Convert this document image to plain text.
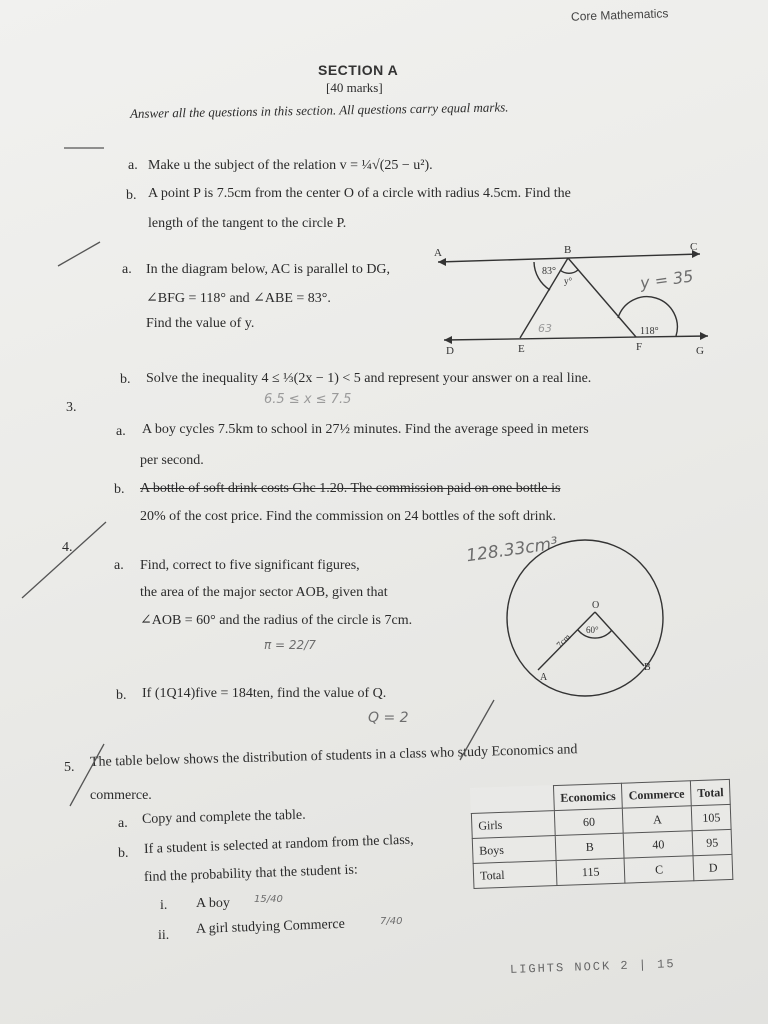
Core Mathematics
SECTION A
[40 marks]
Answer all the questions in this section. All questions carry equal marks.
a. Make u the subject of the relation v = ¼√(25 − u²).
b. A point P is 7.5cm from the center O of a circle with radius 4.5cm. Find the
length of the tangent to the circle P.
a. In the diagram below, AC is parallel to DG,
∠BFG = 118° and ∠ABE = 83°.
Find the value of y.
b. Solve the inequality 4 ≤ ⅓(2x − 1) < 5 and represent your answer on a real line.
3.
a. A boy cycles 7.5km to school in 27½ minutes. Find the average speed in meters
per second.
b. A bottle of soft drink costs Ghc 1.20. The commission paid on one bottle is
20% of the cost price. Find the commission on 24 bottles of the soft drink.
4.
a. Find, correct to five significant figures,
the area of the major sector AOB, given that
∠AOB = 60° and the radius of the circle is 7cm.
b. If (1Q14)five = 184ten, find the value of Q.
5. The table below shows the distribution of students in a class who study Economics and
commerce.
a. Copy and complete the table.
b. If a student is selected at random from the class,
find the probability that the student is:
i. A boy
ii. A girl studying Commerce
	Economics	Commerce	Total
Girls	60	A	105
Boys	B	40	95
Total	115	C	D
LIGHTS NOCK 2 | 15
y = 35
63
6.5 ≤ x ≤ 7.5
128.33cm³
π = 22/7
Q = 2
15/40
7/40
A	B	C
D	E	F	G
83°
y°
118°
O
60°
7cm
A
B
